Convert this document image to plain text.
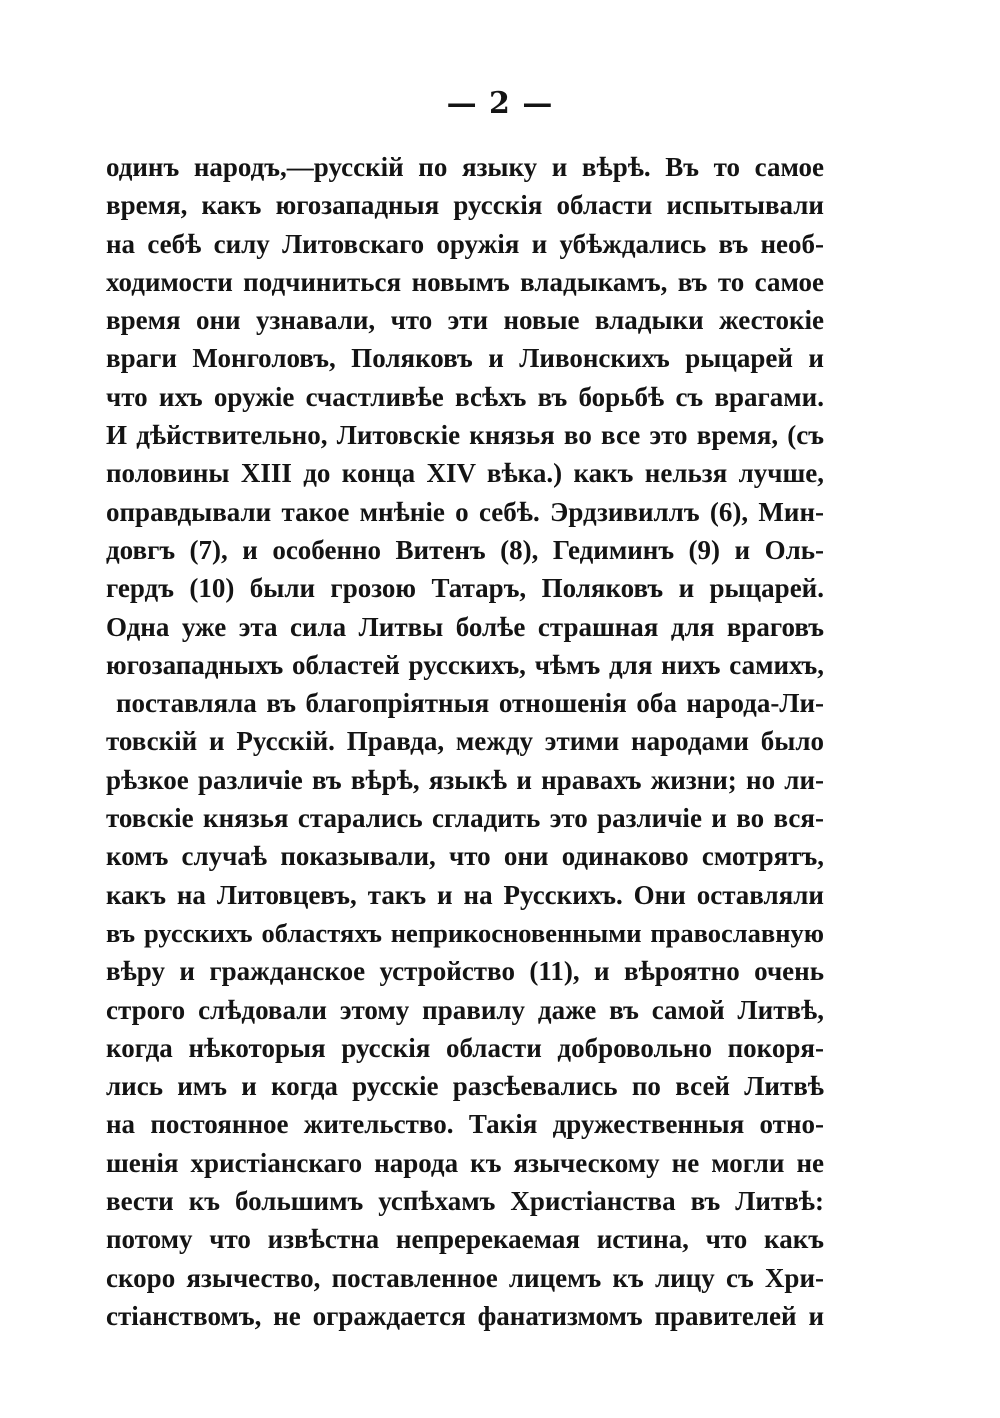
— 2 —
одинъ народъ,—русскій по языку и вѣрѣ. Въ то самое
время, какъ югозападныя русскія области испытывали
на себѣ силу Литовскаго оружія и убѣждались въ необ-
ходимости подчиниться новымъ владыкамъ, въ то самое
время они узнавали, что эти новые владыки жестокіе
враги Монголовъ, Поляковъ и Ливонскихъ рыцарей и
что ихъ оружіе счастливѣе всѣхъ въ борьбѣ съ врагами.
И дѣйствительно, Литовскіе князья во все это время, (съ
половины XIII до конца XIV вѣка.) какъ нельзя лучше,
оправдывали такое мнѣніе о себѣ. Эрдзивиллъ (6), Мин-
довгъ (7), и особенно Витенъ (8), Гедиминъ (9) и Оль-
гердъ (10) были грозою Татаръ, Поляковъ и рыцарей.
Одна уже эта сила Литвы болѣе страшная для враговъ
югозападныхъ областей русскихъ, чѣмъ для нихъ самихъ,
поставляла въ благопріятныя отношенія оба народа-Ли-
товскій и Русскій. Правда, между этими народами было
рѣзкое различіе въ вѣрѣ, языкѣ и нравахъ жизни; но ли-
товскіе князья старались сгладить это различіе и во вся-
комъ случаѣ показывали, что они одинаково смотрятъ,
какъ на Литовцевъ, такъ и на Русскихъ. Они оставляли
въ русскихъ областяхъ неприкосновенными православную
вѣру и гражданское устройство (11), и вѣроятно очень
строго слѣдовали этому правилу даже въ самой Литвѣ,
когда нѣкоторыя русскія области добровольно покоря-
лись имъ и когда русскіе разсѣевались по всей Литвѣ
на постоянное жительство. Такія дружественныя отно-
шенія христіанскаго народа къ языческому не могли не
вести къ большимъ успѣхамъ Христіанства въ Литвѣ:
потому что извѣстна непререкаемая истина, что какъ
скоро язычество, поставленное лицемъ къ лицу съ Хри-
стіанствомъ, не ограждается фанатизмомъ правителей и
